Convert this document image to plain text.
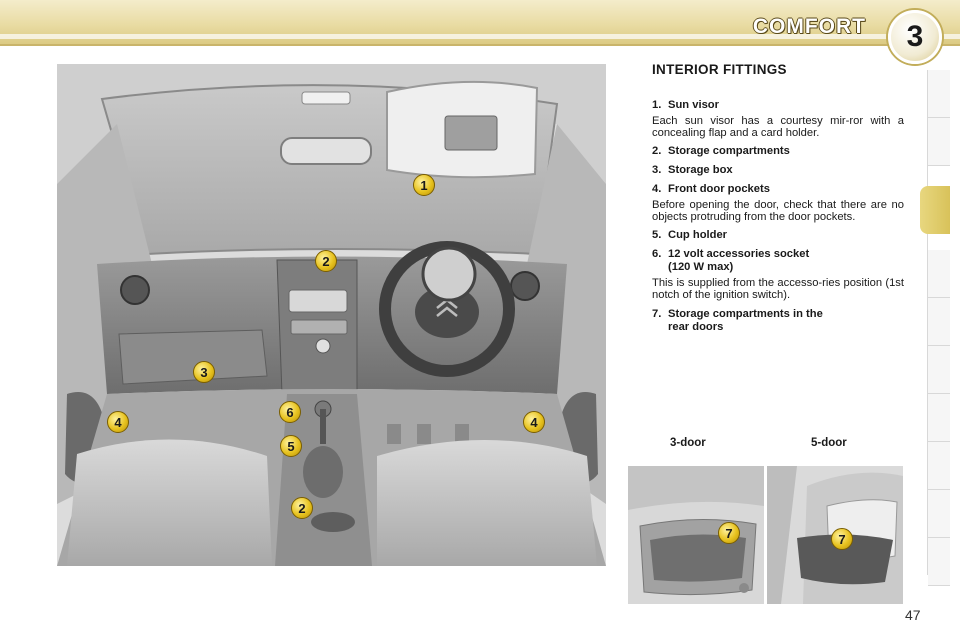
COMFORT	3
1
2
3
4	4
5
6
2
INTERIOR FITTINGS
1. Sun visor
Each sun visor has a courtesy mir-ror with a concealing flap and a card holder.
2. Storage compartments
3. Storage box
4. Front door pockets
Before opening the door, check that there are no objects protruding from the door pockets.
5. Cup holder
6. 12 volt accessories socket
(120 W max)
This is supplied from the accesso-ries position (1st notch of the ignition switch).
7. Storage compartments in the
rear doors
3-door	5-door
7	7
47
